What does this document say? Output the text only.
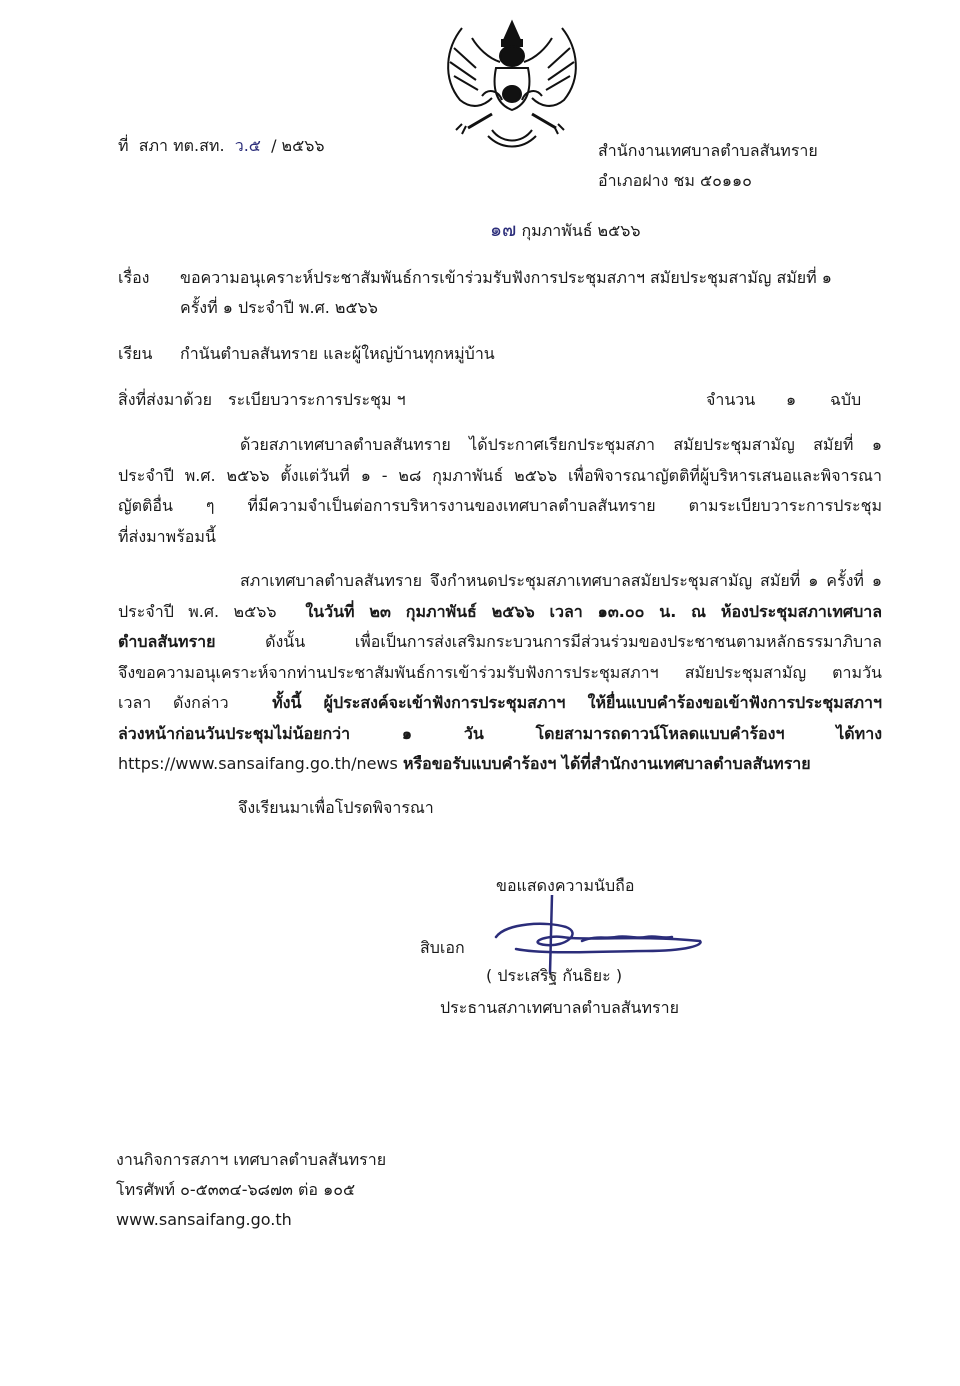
ที่ สภา ทต.สท. ว.๕ / ๒๕๖๖	สำนักงานเทศบาลตำบลสันทราย
อำเภอฝาง ชม ๕๐๑๑๐
๑๗ กุมภาพันธ์ ๒๕๖๖
เรื่อง ขอความอนุเคราะห์ประชาสัมพันธ์การเข้าร่วมรับฟังการประชุมสภาฯ สมัยประชุมสามัญ สมัยที่ ๑
ครั้งที่ ๑ ประจำปี พ.ศ. ๒๕๖๖
เรียน กำนันตำบลสันทราย และผู้ใหญ่บ้านทุกหมู่บ้าน
สิ่งที่ส่งมาด้วย ระเบียบวาระการประชุม ฯ	จำนวน ๑ ฉบับ
ด้วยสภาเทศบาลตำบลสันทราย ได้ประกาศเรียกประชุมสภา สมัยประชุมสามัญ สมัยที่ ๑
ประจำปี พ.ศ. ๒๕๖๖ ตั้งแต่วันที่ ๑ - ๒๘ กุมภาพันธ์ ๒๕๖๖ เพื่อพิจารณาญัตติที่ผู้บริหารเสนอและพิจารณา
ญัตติอื่น ๆ ที่มีความจำเป็นต่อการบริหารงานของเทศบาลตำบลสันทราย ตามระเบียบวาระการประชุม
ที่ส่งมาพร้อมนี้
สภาเทศบาลตำบลสันทราย จึงกำหนดประชุมสภาเทศบาลสมัยประชุมสามัญ สมัยที่ ๑ ครั้งที่ ๑
ประจำปี พ.ศ. ๒๕๖๖ ในวันที่ ๒๓ กุมภาพันธ์ ๒๕๖๖ เวลา ๑๓.๐๐ น. ณ ห้องประชุมสภาเทศบาล
ตำบลสันทราย	ดังนั้น เพื่อเป็นการส่งเสริมกระบวนการมีส่วนร่วมของประชาชนตามหลักธรรมาภิบาล
จึงขอความอนุเคราะห์จากท่านประชาสัมพันธ์การเข้าร่วมรับฟังการประชุมสภาฯ สมัยประชุมสามัญ ตามวัน
เวลา ดังกล่าว	ทั้งนี้ ผู้ประสงค์จะเข้าฟังการประชุมสภาฯ ให้ยื่นแบบคำร้องขอเข้าฟังการประชุมสภาฯ
ล่วงหน้าก่อนวันประชุมไม่น้อยกว่า ๑ วัน โดยสามารถดาวน์โหลดแบบคำร้องฯ ได้ทาง
https://www.sansaifang.go.th/news หรือขอรับแบบคำร้องฯ ได้ที่สำนักงานเทศบาลตำบลสันทราย
จึงเรียนมาเพื่อโปรดพิจารณา
ขอแสดงความนับถือ
สิบเอก
( ประเสริฐ กันธิยะ )
ประธานสภาเทศบาลตำบลสันทราย
งานกิจการสภาฯ เทศบาลตำบลสันทราย
โทรศัพท์ ๐-๕๓๓๔-๖๘๗๓ ต่อ ๑๐๕
www.sansaifang.go.th
